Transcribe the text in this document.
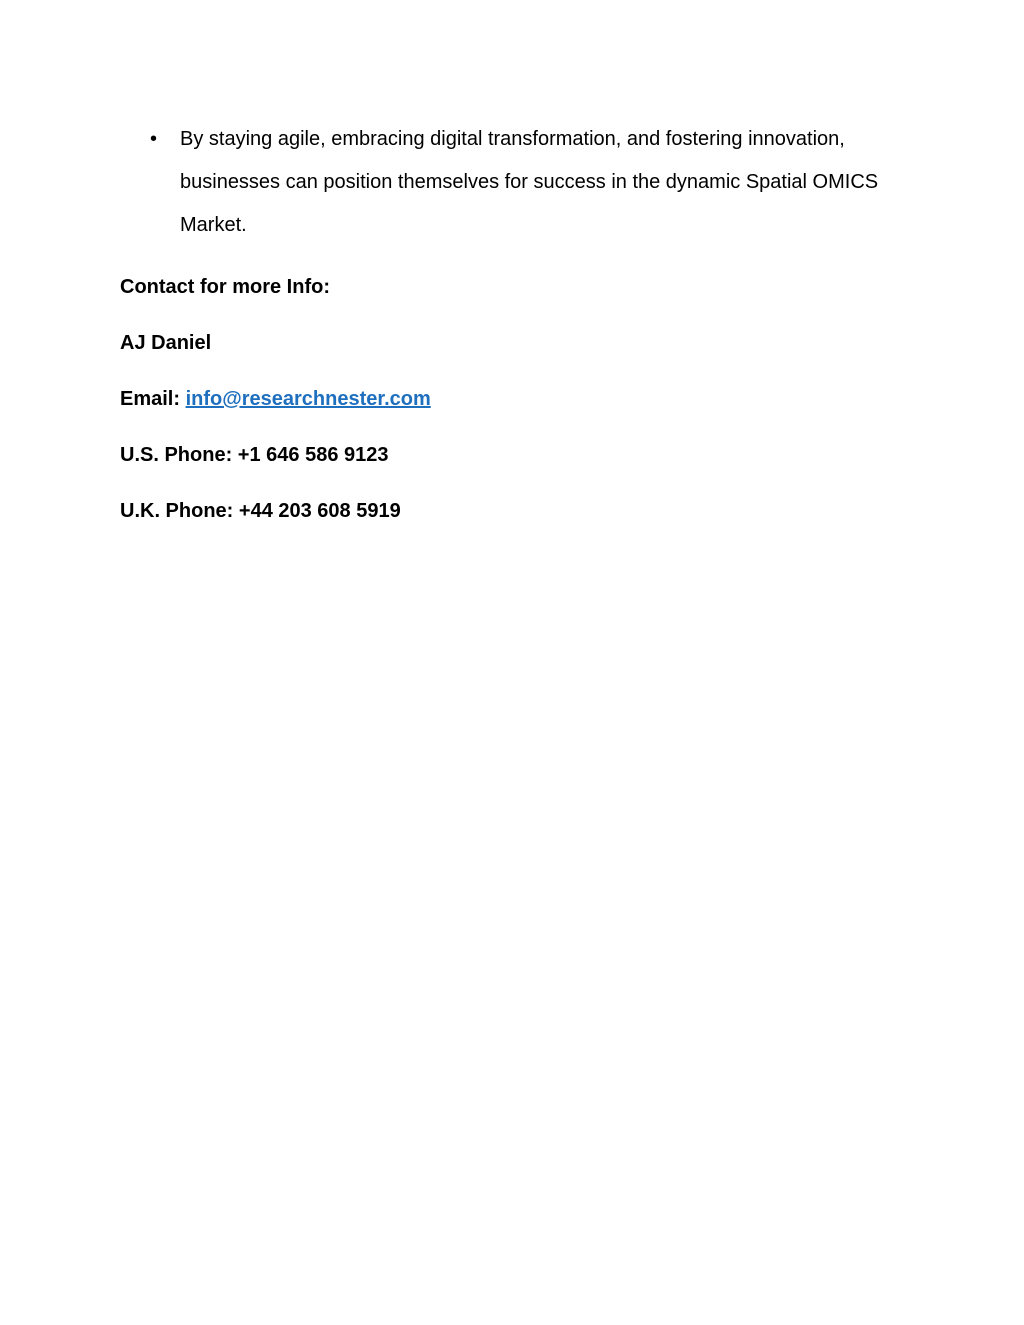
•	By staying agile, embracing digital transformation, and fostering innovation, businesses can position themselves for success in the dynamic Spatial OMICS Market.
Contact for more Info:
AJ Daniel
Email: info@researchnester.com
U.S. Phone: +1 646 586 9123
U.K. Phone: +44 203 608 5919
